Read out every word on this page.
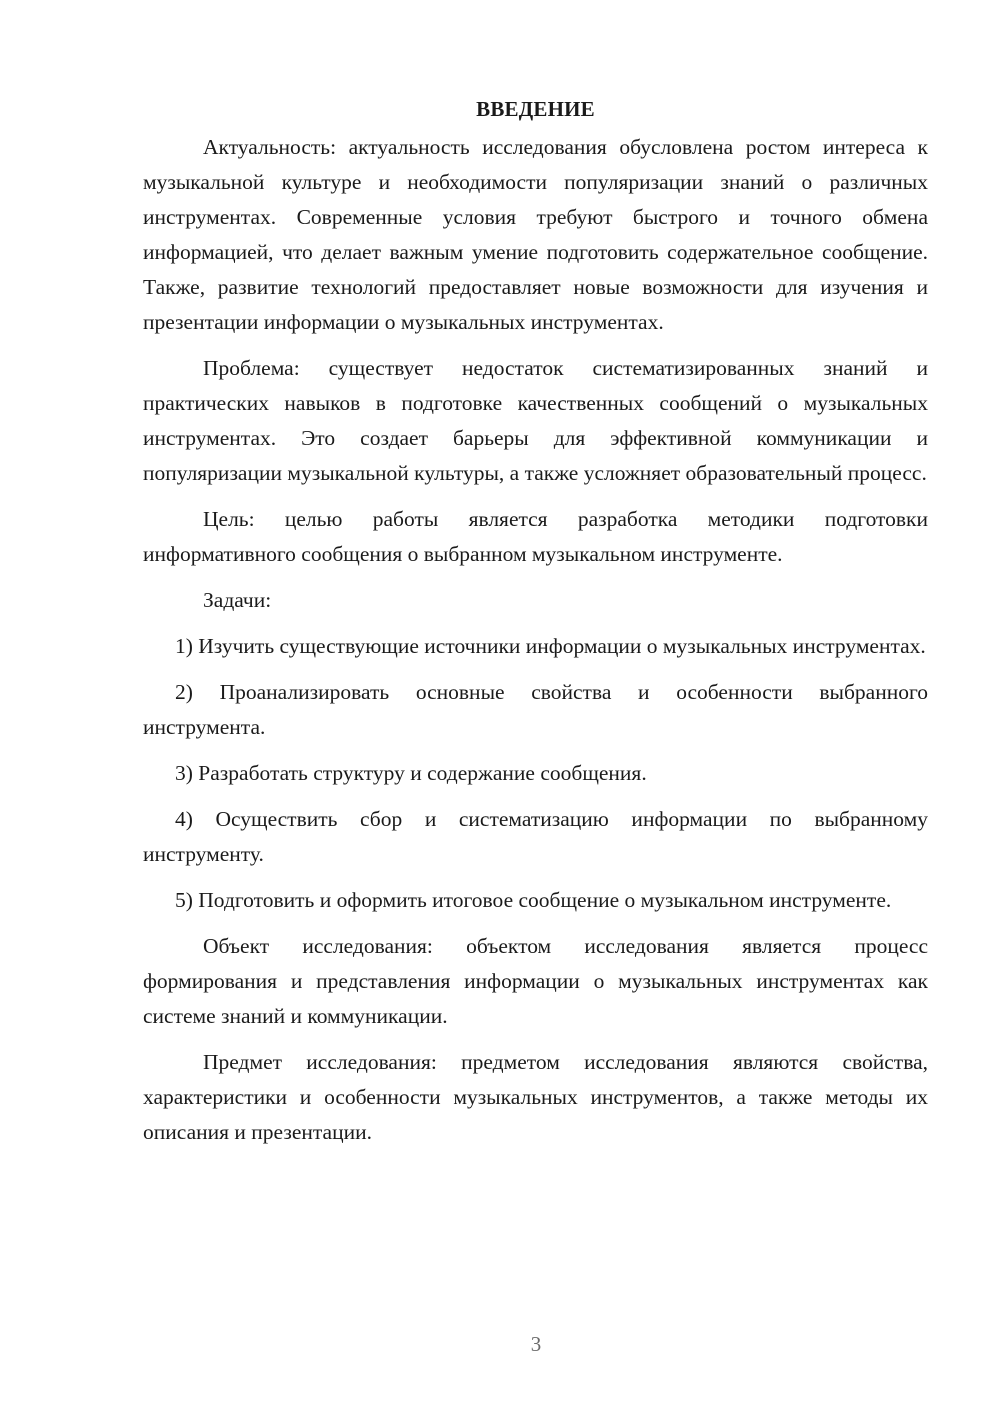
ВВЕДЕНИЕ

Актуальность: актуальность исследования обусловлена ростом интереса к музыкальной культуре и необходимости популяризации знаний о различных инструментах. Современные условия требуют быстрого и точного обмена информацией, что делает важным умение подготовить содержательное сообщение. Также, развитие технологий предоставляет новые возможности для изучения и презентации информации о музыкальных инструментах.

Проблема: существует недостаток систематизированных знаний и практических навыков в подготовке качественных сообщений о музыкальных инструментах. Это создает барьеры для эффективной коммуникации и популяризации музыкальной культуры, а также усложняет образовательный процесс.

Цель: целью работы является разработка методики подготовки информативного сообщения о выбранном музыкальном инструменте.

Задачи:

1) Изучить существующие источники информации о музыкальных инструментах.

2) Проанализировать основные свойства и особенности выбранного инструмента.

3) Разработать структуру и содержание сообщения.

4) Осуществить сбор и систематизацию информации по выбранному инструменту.

5) Подготовить и оформить итоговое сообщение о музыкальном инструменте.

Объект исследования: объектом исследования является процесс формирования и представления информации о музыкальных инструментах как системе знаний и коммуникации.

Предмет исследования: предметом исследования являются свойства, характеристики и особенности музыкальных инструментов, а также методы их описания и презентации.

3
